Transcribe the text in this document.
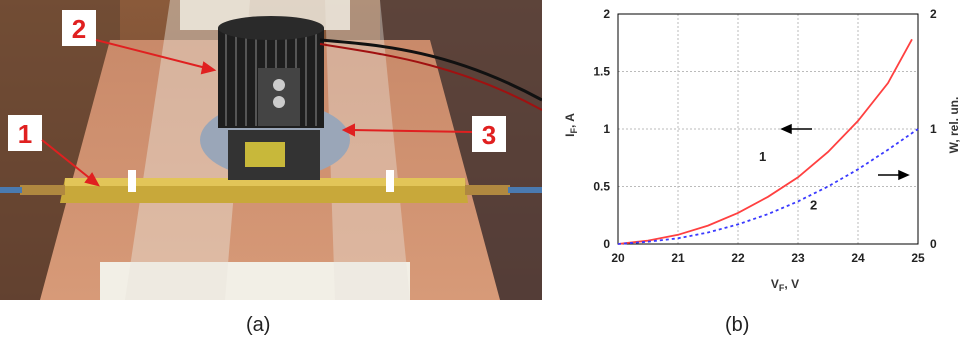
1
2
3
(a)
20	21	22	23	24	25
0
0.5
1
1.5
2
0
1
2
1
2
$V_F$, V
$I_F$, A	W, rel. un.
(b)
